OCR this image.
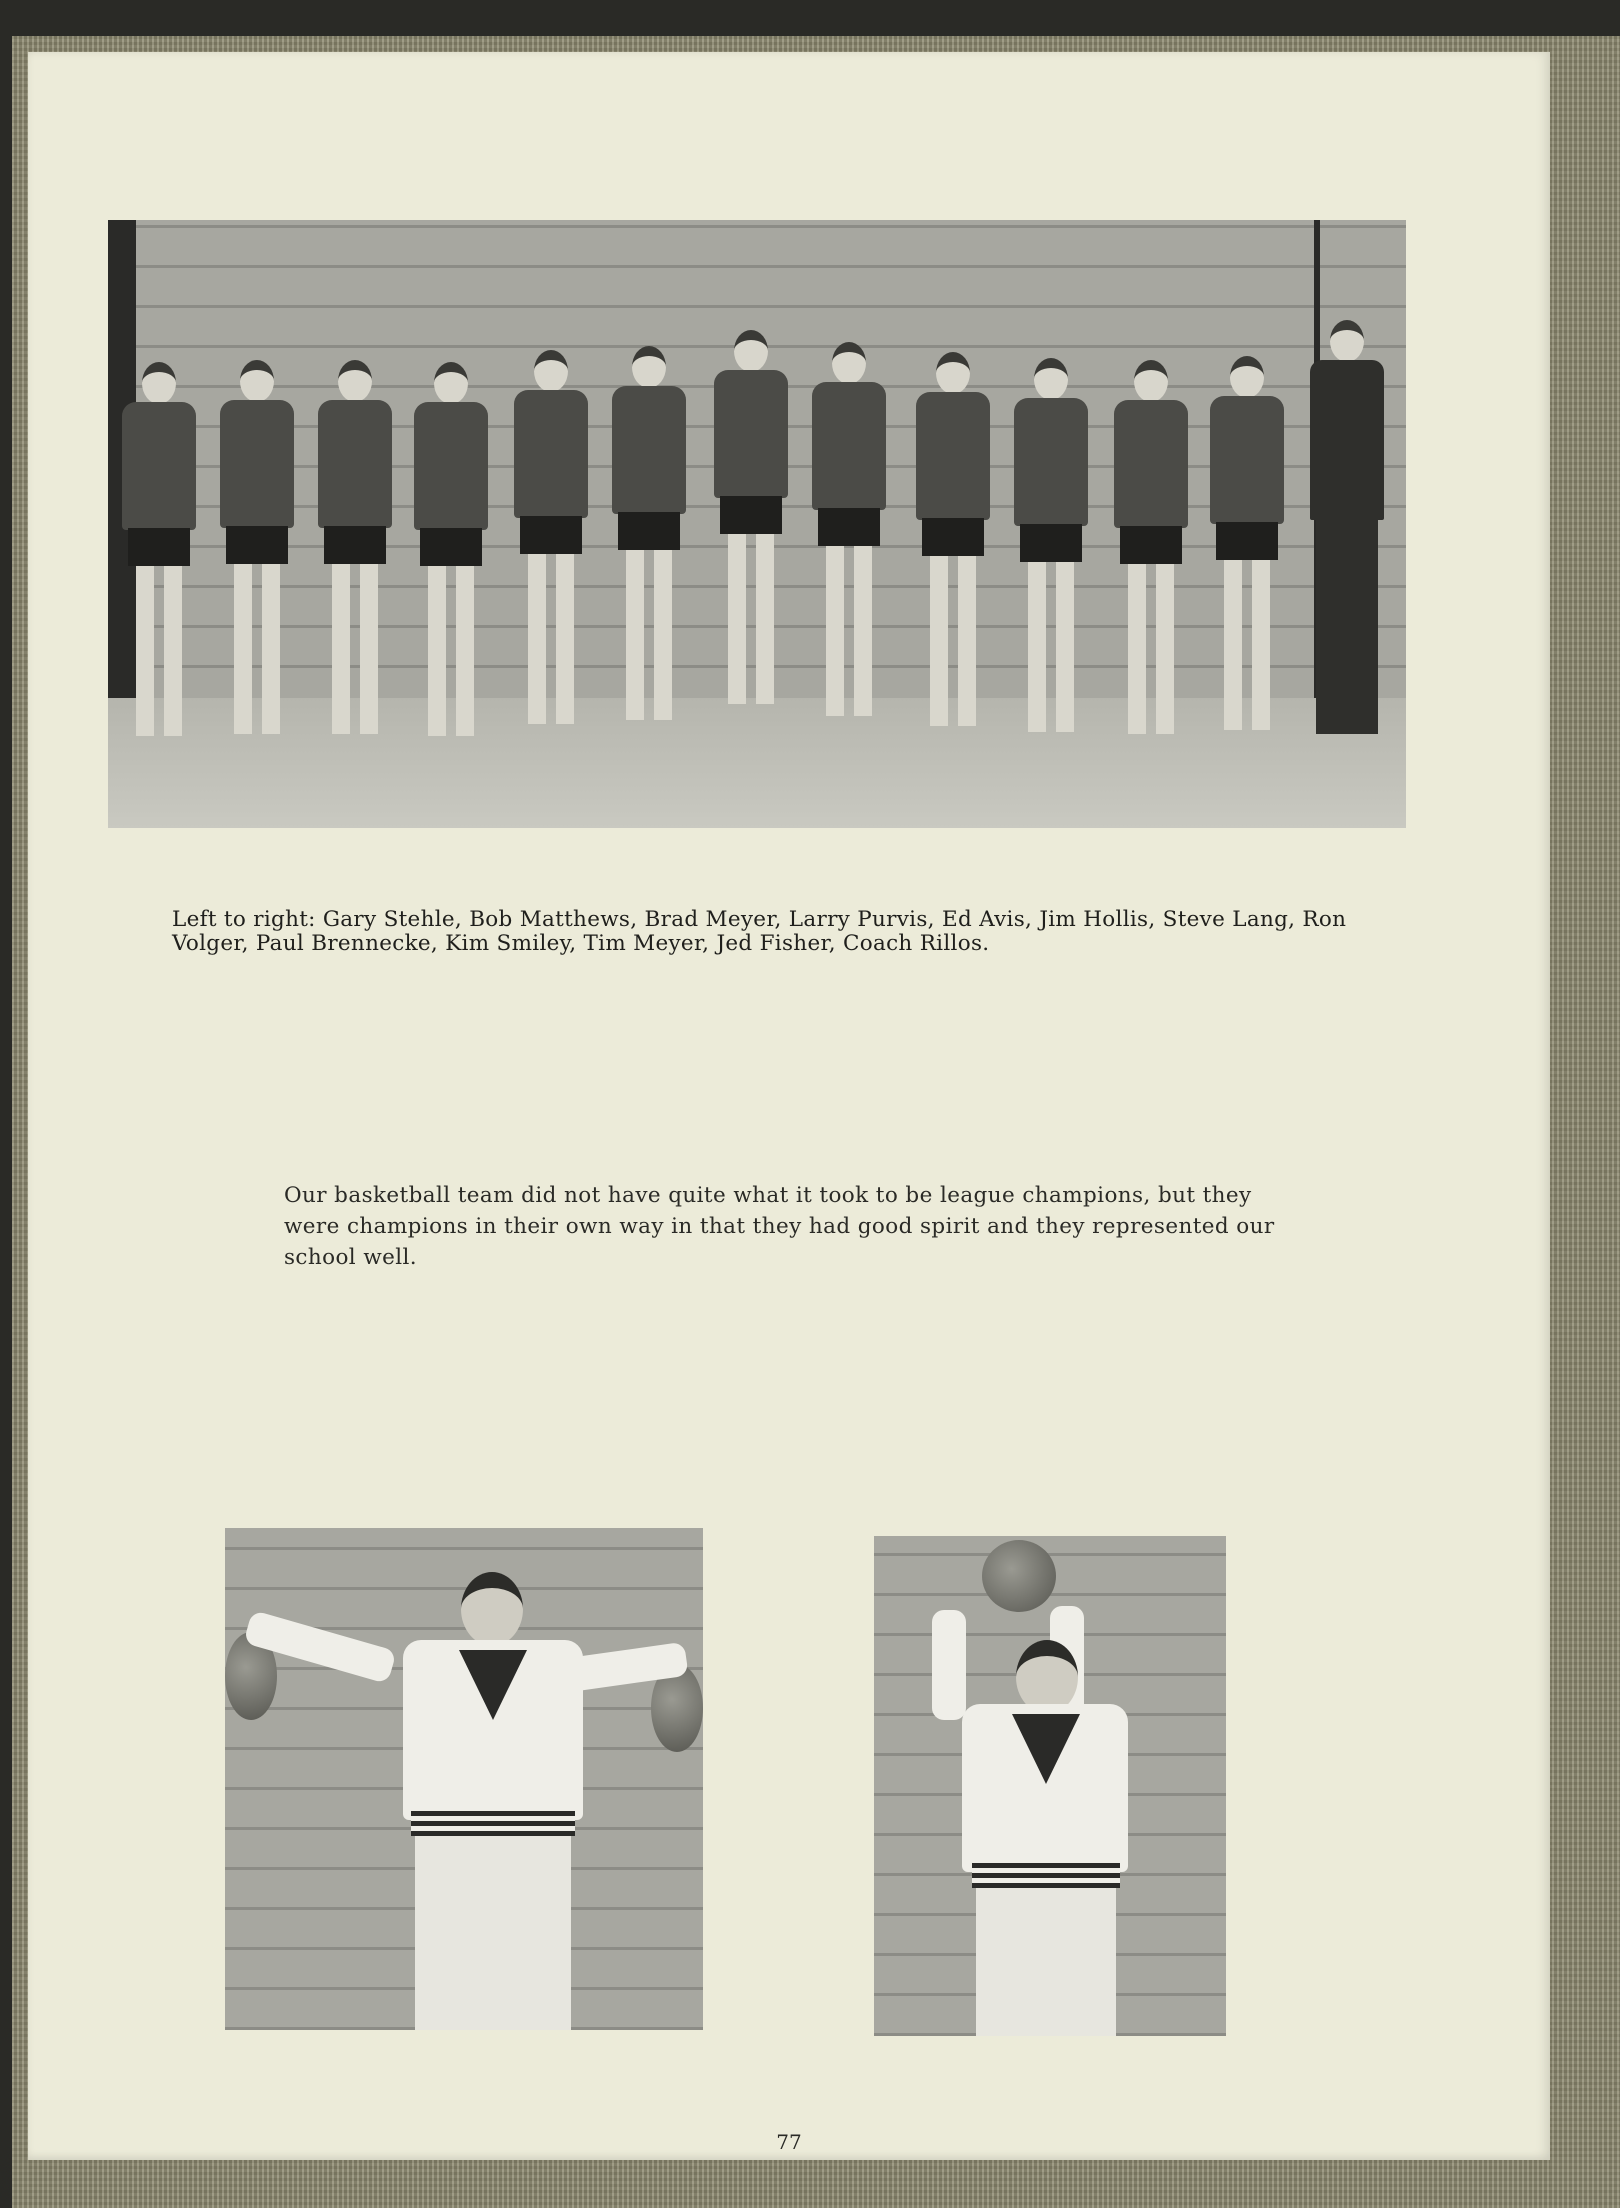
Left to right: Gary Stehle, Bob Matthews, Brad Meyer, Larry Purvis, Ed Avis, Jim Hollis, Steve Lang, Ron Volger, Paul Brennecke, Kim Smiley, Tim Meyer, Jed Fisher, Coach Rillos.

Our basketball team did not have quite what it took to be league champions, but they were champions in their own way in that they had good spirit and they represented our school well.

77
